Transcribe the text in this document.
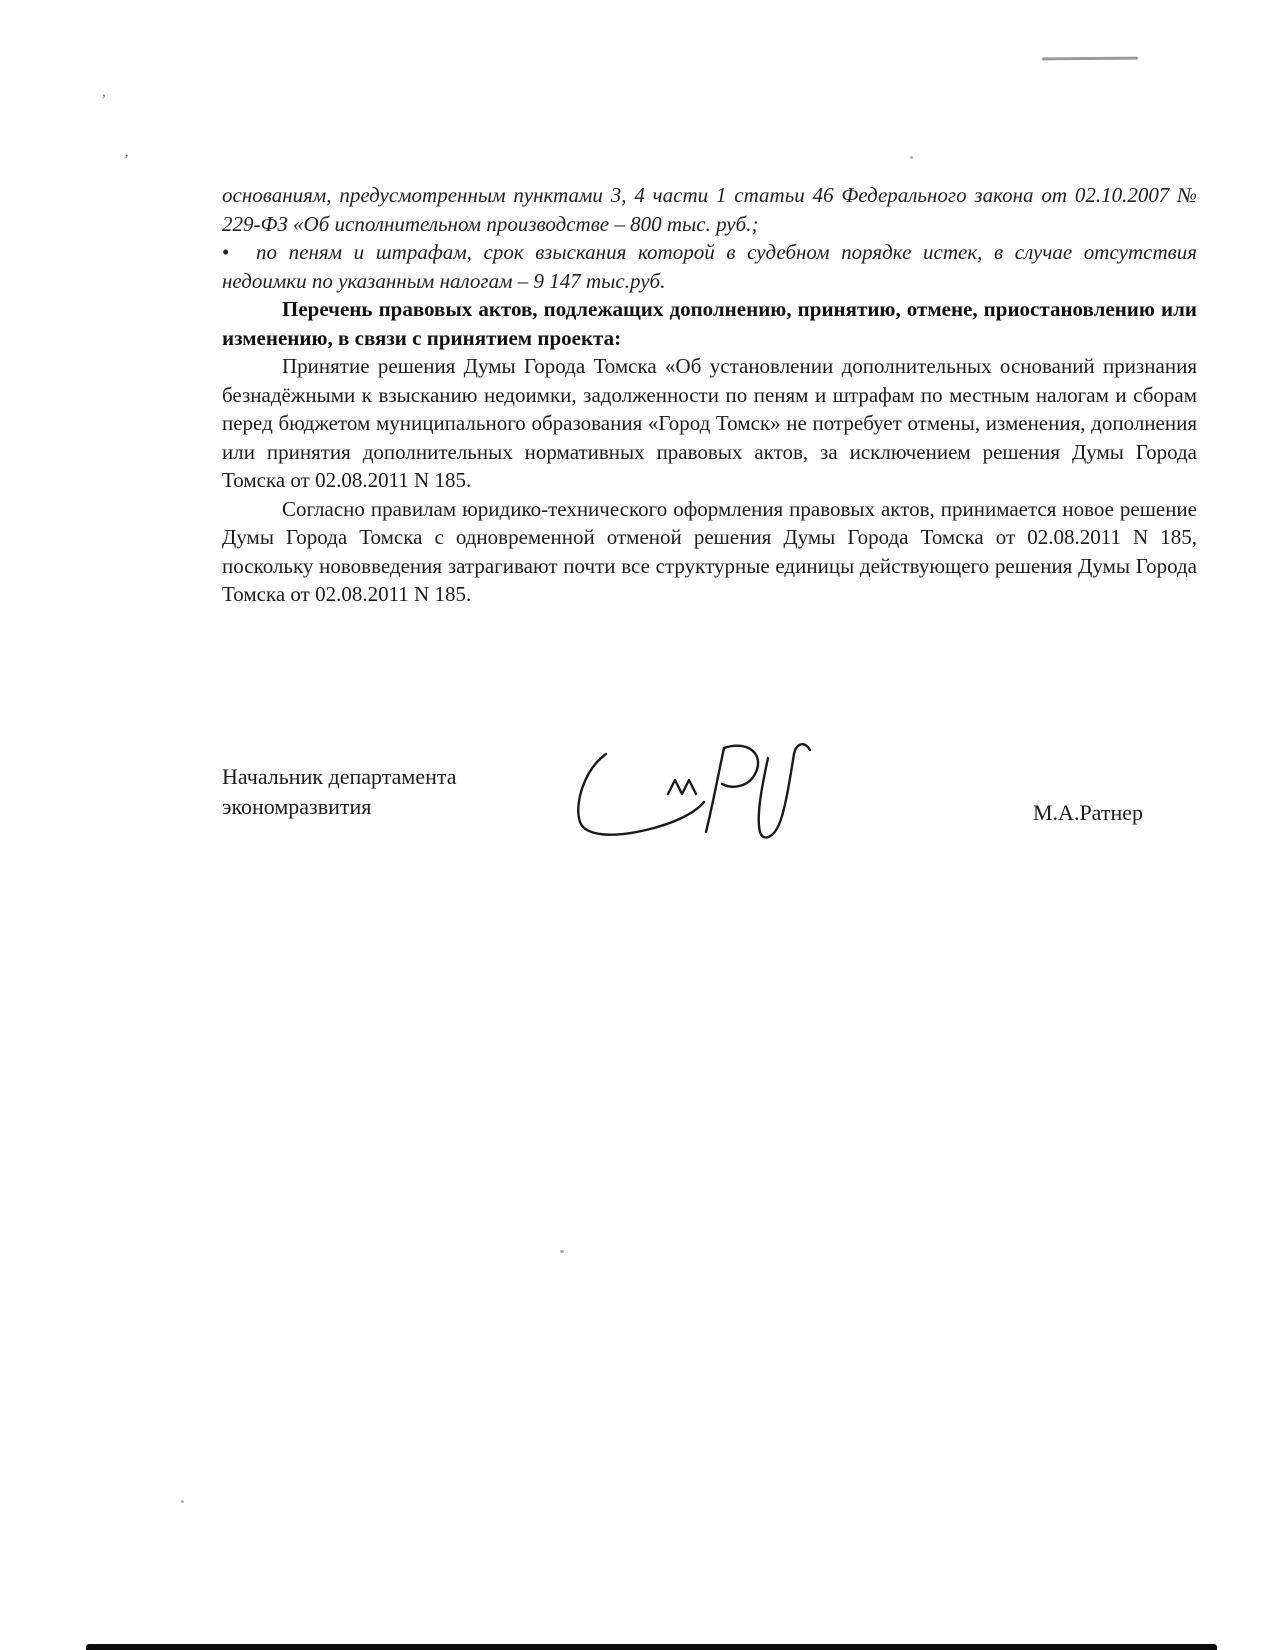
’
‚

основаниям, предусмотренным пунктами 3, 4 части 1 статьи 46 Федерального закона от 02.10.2007 № 229-ФЗ «Об исполнительном производстве – 800 тыс. руб.;

• по пеням и штрафам, срок взыскания которой в судебном порядке истек, в случае отсутствия недоимки по указанным налогам – 9 147 тыс.руб.

Перечень правовых актов, подлежащих дополнению, принятию, отмене, приостановлению или изменению, в связи с принятием проекта:

Принятие решения Думы Города Томска «Об установлении дополнительных оснований признания безнадёжными к взысканию недоимки, задолженности по пеням и штрафам по местным налогам и сборам перед бюджетом муниципального образования «Город Томск» не потребует отмены, изменения, дополнения или принятия дополнительных нормативных правовых актов, за исключением решения Думы Города Томска от 02.08.2011 N 185.

Согласно правилам юридико-технического оформления правовых актов, принимается новое решение Думы Города Томска с одновременной отменой решения Думы Города Томска от 02.08.2011 N 185, поскольку нововведения затрагивают почти все структурные единицы действующего решения Думы Города Томска от 02.08.2011 N 185.

Начальник департамента
экономразвития	М.А.Ратнер
